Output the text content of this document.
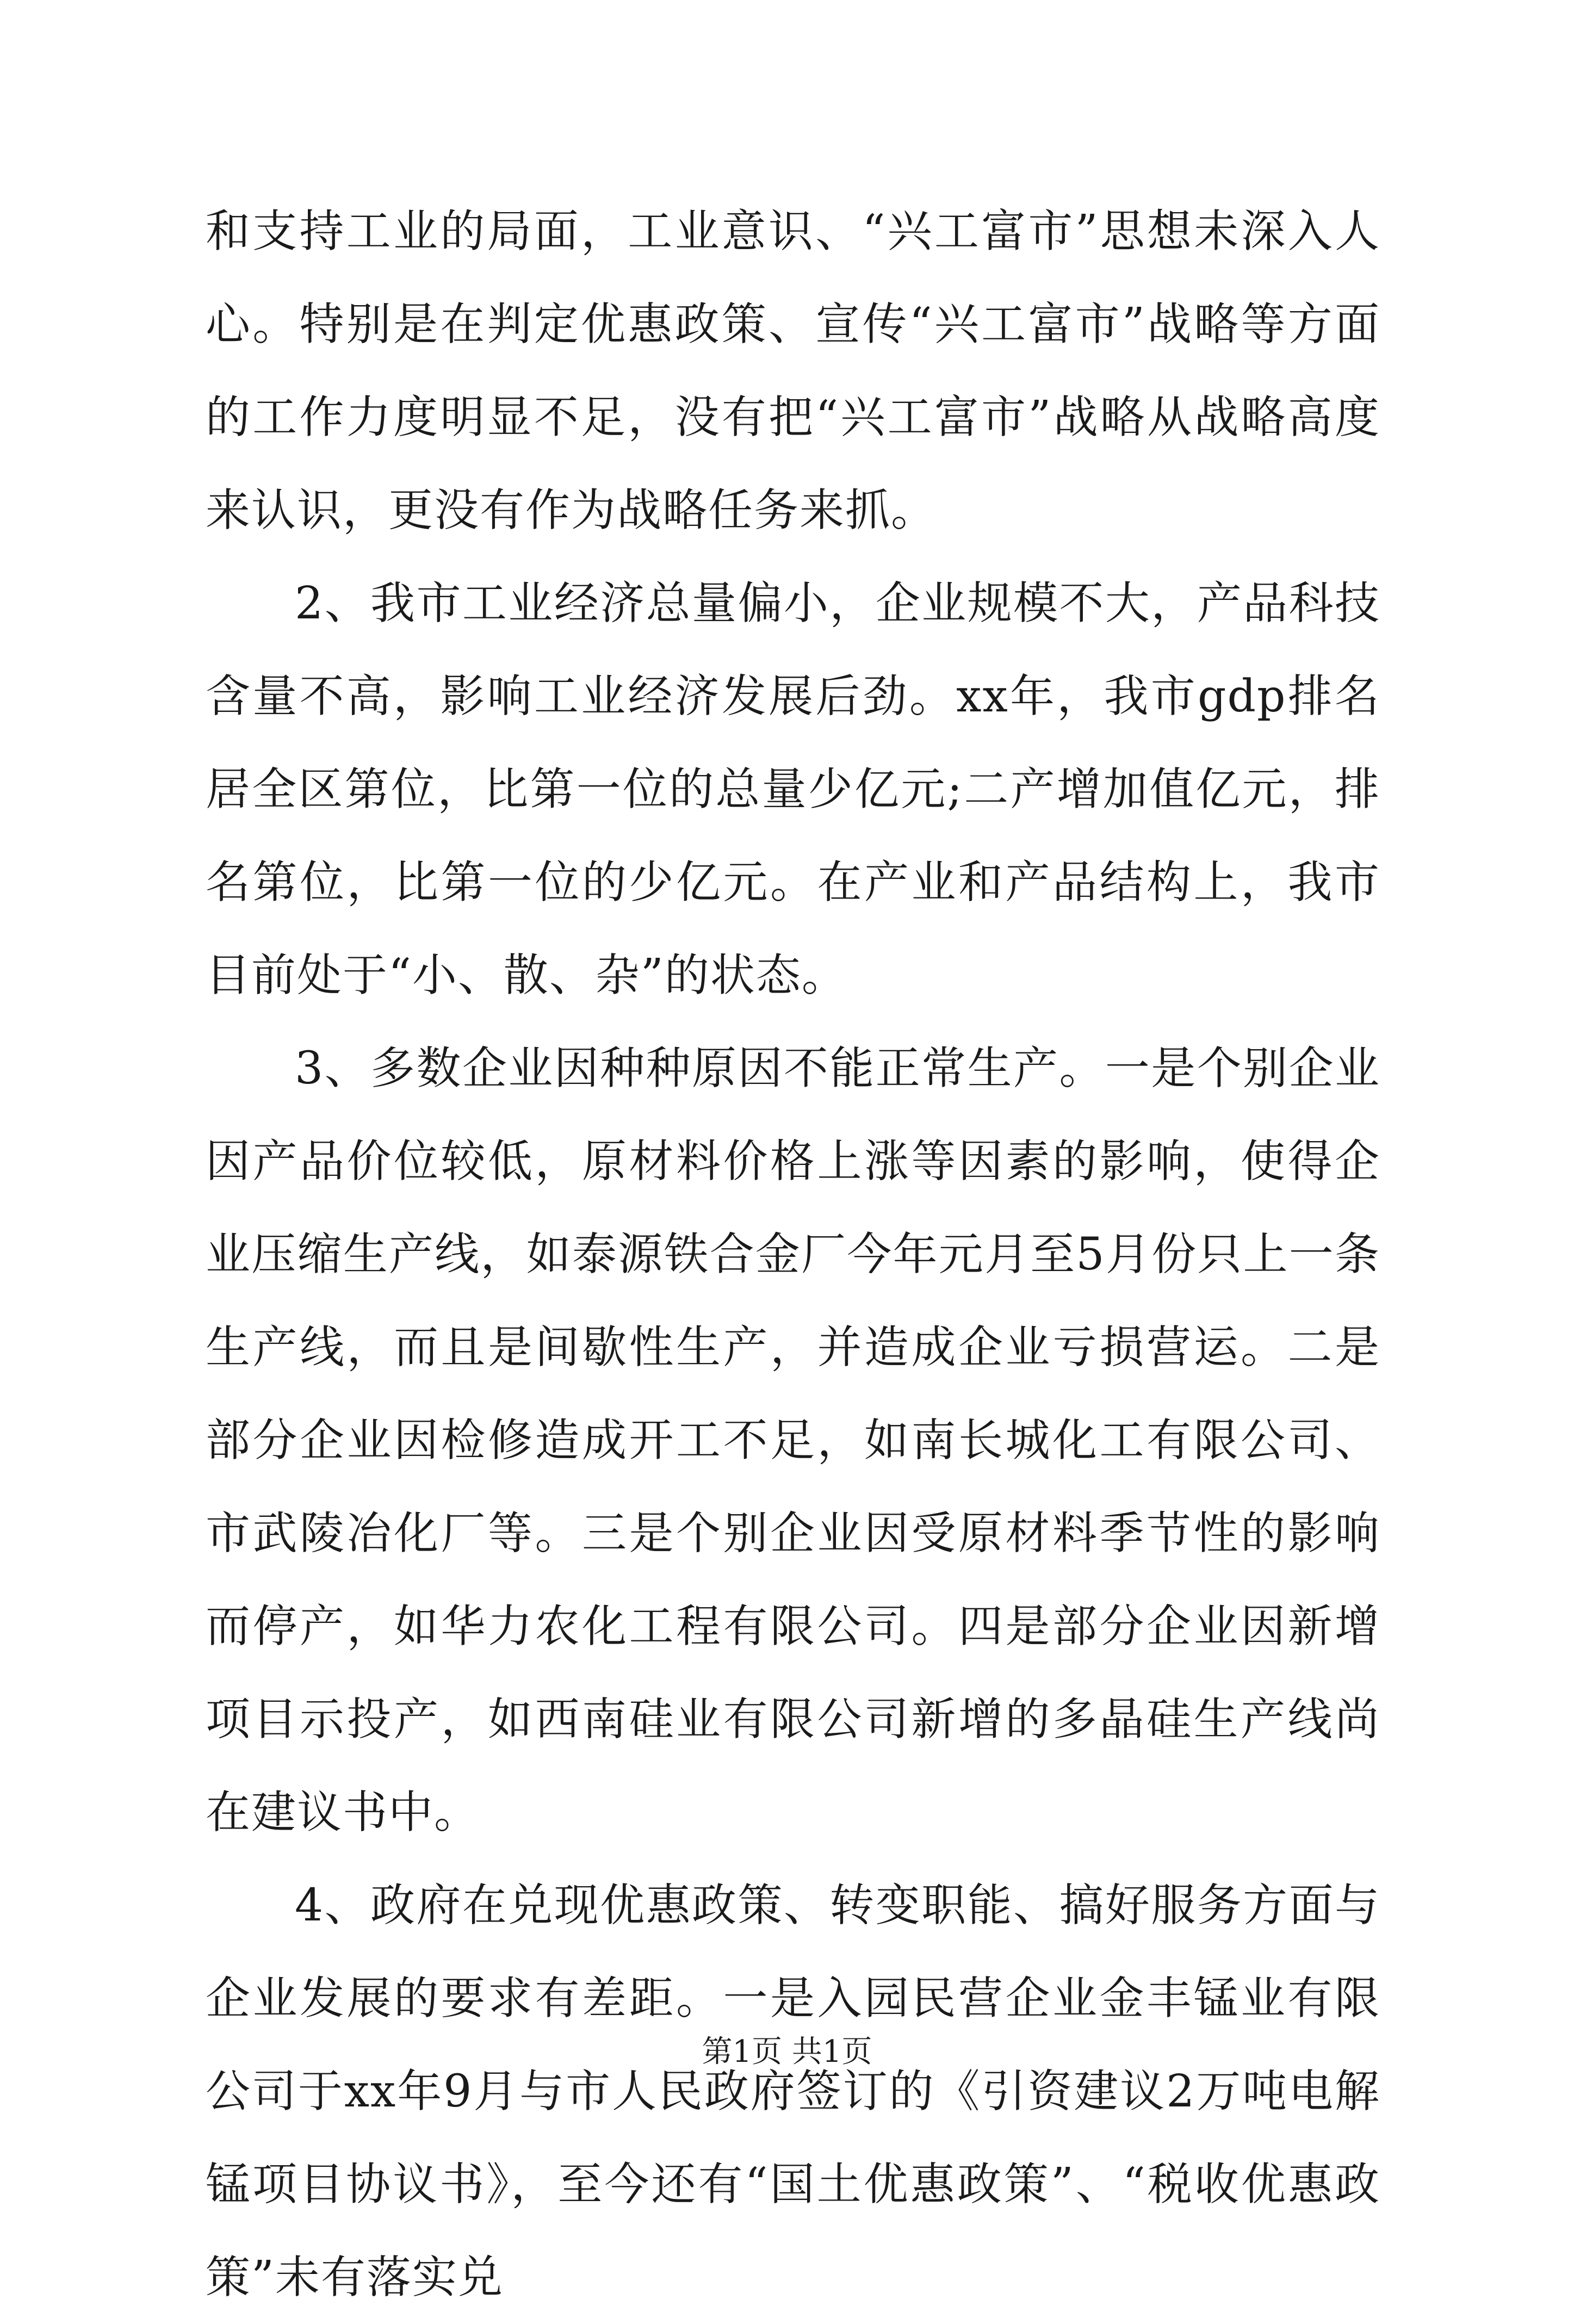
和支持工业的局面，工业意识、“兴工富市”思想未深入人心。特别是在判定优惠政策、宣传“兴工富市”战略等方面的工作力度明显不足，没有把“兴工富市”战略从战略高度来认识，更没有作为战略任务来抓。

2、我市工业经济总量偏小，企业规模不大，产品科技含量不高，影响工业经济发展后劲。xx年，我市gdp排名居全区第位，比第一位的总量少亿元;二产增加值亿元，排名第位，比第一位的少亿元。在产业和产品结构上，我市目前处于“小、散、杂”的状态。

3、多数企业因种种原因不能正常生产。一是个别企业因产品价位较低，原材料价格上涨等因素的影响，使得企业压缩生产线，如泰源铁合金厂今年元月至5月份只上一条生产线，而且是间歇性生产，并造成企业亏损营运。二是部分企业因检修造成开工不足，如南长城化工有限公司、市武陵冶化厂等。三是个别企业因受原材料季节性的影响而停产，如华力农化工程有限公司。四是部分企业因新增项目示投产，如西南硅业有限公司新增的多晶硅生产线尚在建议书中。

4、政府在兑现优惠政策、转变职能、搞好服务方面与企业发展的要求有差距。一是入园民营企业金丰锰业有限公司于xx年9月与市人民政府签订的《引资建议2万吨电解锰项目协议书》，至今还有“国土优惠政策”、“税收优惠政策”未有落实兑

第1页 共1页
